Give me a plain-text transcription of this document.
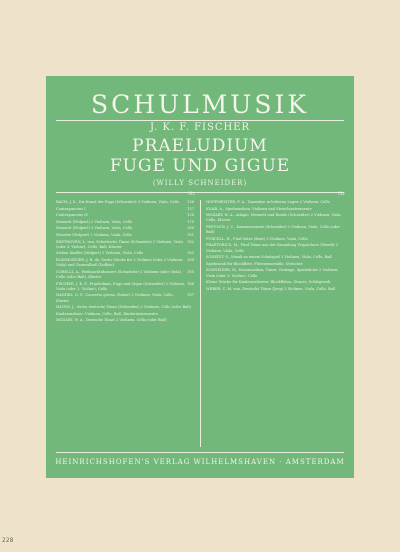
SCHULMUSIK
J. K. F. FISCHER
PRAELUDIUM
FUGE UND GIGUE
(WILLY SCHNEIDER)
Nr.	Nr.

136
BACH, J. S., Die Kunst der Fuge (Schneider) 3 Violinen, Viola, Cello

137
Contrapunctus I

138
Contrapunctus IV

179
Menuett (Wolpert) 2 Violinen, Viola, Cello

180
Menuett (Wolpert) 3 Violinen, Viola, Cello

181
Musette (Wolpert) 2 Violinen, Viola, Cello

182
BEETHOVEN, L. van, Schottische Tänze (Schneider) 2 Violinen, Viola (oder 3. Violine), Cello, Baß, Klavier

183
Sieben ländler (Wolpert) 2 Violinen, Viola, Cello

184
BOISMORTIER, J. B. de, Sechs Stücke für 2 Violinen (oder 2 Violinen, Viola) und Generalbaß (Doflein)

185
CORELLI, A., Weihnachtskonzert (Schneider) 2 Violinen (oder Viola), Cello (oder Baß), Klavier

186
FISCHER, J. K. F., Praeludium, Fuge und Gigue (Schneider) 2 Violinen, Viola (oder 3. Violine), Cello

187
HANDEL, G. F., Concerto grosso (Zuber) 2 Violinen, Viola, Cello, Klavier

HAYDN, J., Sechs deutsche Tänze (Schneider) 2 Violinen, Cello (oder Baß)

Kindersinfonie: Violinen, Cello, Baß, Kinderinstrumente

MOZART, W. A., Deutsche Tänze 2 Violinen, Cello (oder Baß)

HOFFMEISTER, F. A., Tanzsätze in höheren Lagen 2 Violinen, Cello

KNAB, A., Spielmusiken, Violinen und Streichinstrumente

MOZART, W. A., Adagio, Menuett und Rondo (Schneider) 2 Violinen, Viola, Cello, Klavier

PEPUSCH, J. C., Kammersonate (Schneider) 2 Violinen, Viola, Cello (oder Baß)

PURCELL, H., Fünf Sätze (Bent) 3 Violinen, Viola, Cello

PRAETORIUS, M., Fünf Tänze aus der Sammlung Terpsichore (Wendt) 2 Violinen, Viola, Cello

SCHEIDT, S., Musik zu einem Schulspiel 2 Violinen, Viola, Cello, Baß

Spielmusik für Blockflöte, Flötenensemble, Streicher

SCHNEIDER, W., Hausmusiken; Tänze, Gesänge, Spielstücke 2 Violinen, Viola (oder 3. Violine), Cello

Kleine Stücke für Kinderorchester, Blockflöten, Gitarre, Schlagwerk

WEBER, C. M. von, Deutsche Tänze (Jeep) 2 Violinen, Viola, Cello, Baß

HEINRICHSHOFEN'S VERLAG WILHELMSHAVEN · AMSTERDAM
228
